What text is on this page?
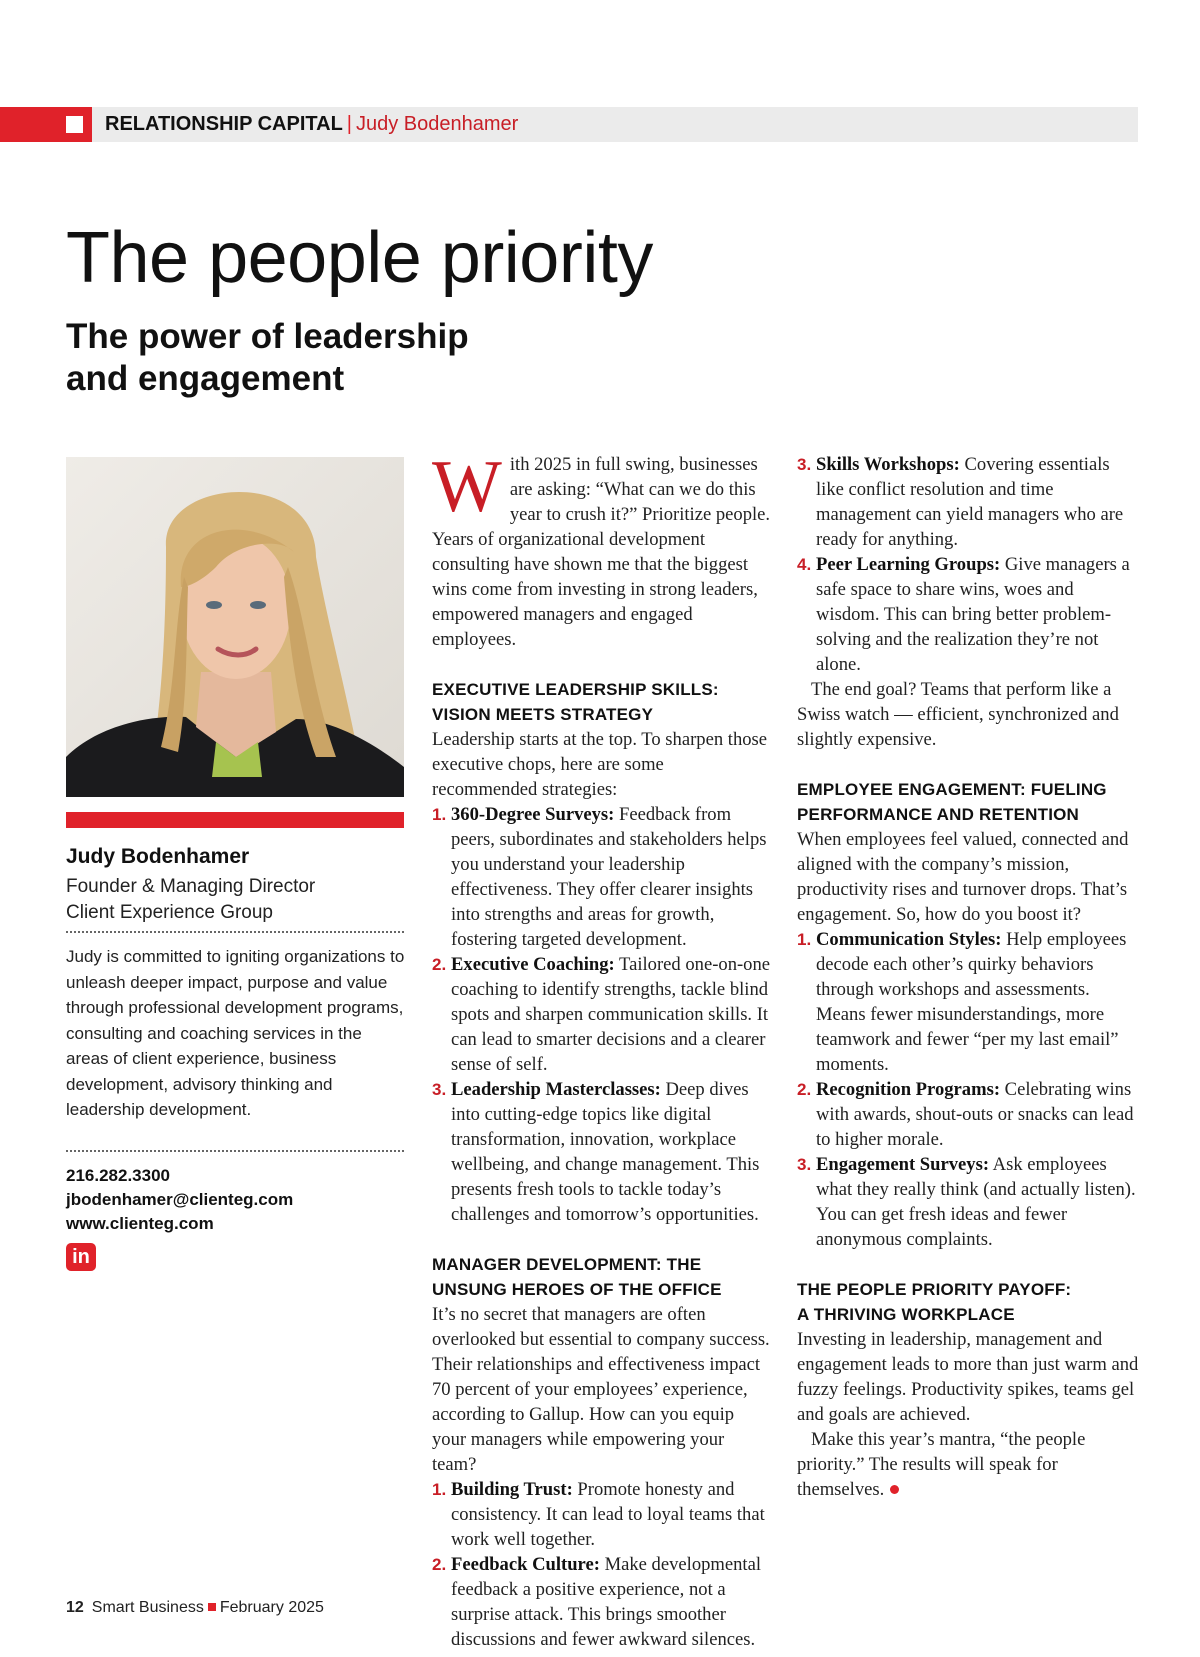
RELATIONSHIP CAPITAL | Judy Bodenhamer
The people priority
The power of leadership
and engagement
Judy Bodenhamer
Founder & Managing Director
Client Experience Group
Judy is committed to igniting organizations to unleash deeper impact, purpose and value through professional development programs, consulting and coaching services in the areas of client experience, business development, advisory thinking and leadership development.
216.282.3300
jbodenhamer@clienteg.com
www.clienteg.com
in

With 2025 in full swing, businesses are asking: “What can we do this year to crush it?” Prioritize people. Years of organizational development consulting have shown me that the biggest wins come from investing in strong leaders, empowered managers and engaged employees.

EXECUTIVE LEADERSHIP SKILLS:
VISION MEETS STRATEGY

Leadership starts at the top. To sharpen those executive chops, here are some recommended strategies:

1. 360-Degree Surveys: Feedback from peers, subordinates and stakeholders helps you understand your leadership effectiveness. They offer clearer insights into strengths and areas for growth, fostering targeted development.
2. Executive Coaching: Tailored one-on-one coaching to identify strengths, tackle blind spots and sharpen communication skills. It can lead to smarter decisions and a clearer sense of self.
3. Leadership Masterclasses: Deep dives into cutting-edge topics like digital transformation, innovation, workplace wellbeing, and change management. This presents fresh tools to tackle today’s challenges and tomorrow’s opportunities.
MANAGER DEVELOPMENT: THE
UNSUNG HEROES OF THE OFFICE

It’s no secret that managers are often overlooked but essential to company success. Their relationships and effectiveness impact 70 percent of your employees’ experience, according to Gallup. How can you equip your managers while empowering your team?

1. Building Trust: Promote honesty and consistency. It can lead to loyal teams that work well together.
2. Feedback Culture: Make developmental feedback a positive experience, not a surprise attack. This brings smoother discussions and fewer awkward silences.
3. Skills Workshops: Covering essentials like conflict resolution and time management can yield managers who are ready for anything.
4. Peer Learning Groups: Give managers a safe space to share wins, woes and wisdom. This can bring better problem-solving and the realization they’re not alone.

The end goal? Teams that perform like a Swiss watch — efficient, synchronized and slightly expensive.

EMPLOYEE ENGAGEMENT: FUELING
PERFORMANCE AND RETENTION

When employees feel valued, connected and aligned with the company’s mission, productivity rises and turnover drops. That’s engagement. So, how do you boost it?

1. Communication Styles: Help employees decode each other’s quirky behaviors through workshops and assessments. Means fewer misunderstandings, more teamwork and fewer “per my last email” moments.
2. Recognition Programs: Celebrating wins with awards, shout-outs or snacks can lead to higher morale.
3. Engagement Surveys: Ask employees what they really think (and actually listen). You can get fresh ideas and fewer anonymous complaints.
THE PEOPLE PRIORITY PAYOFF:
A THRIVING WORKPLACE

Investing in leadership, management and engagement leads to more than just warm and fuzzy feelings. Productivity spikes, teams gel and goals are achieved.

Make this year’s mantra, “the people priority.” The results will speak for themselves.

12 Smart Business February 2025
